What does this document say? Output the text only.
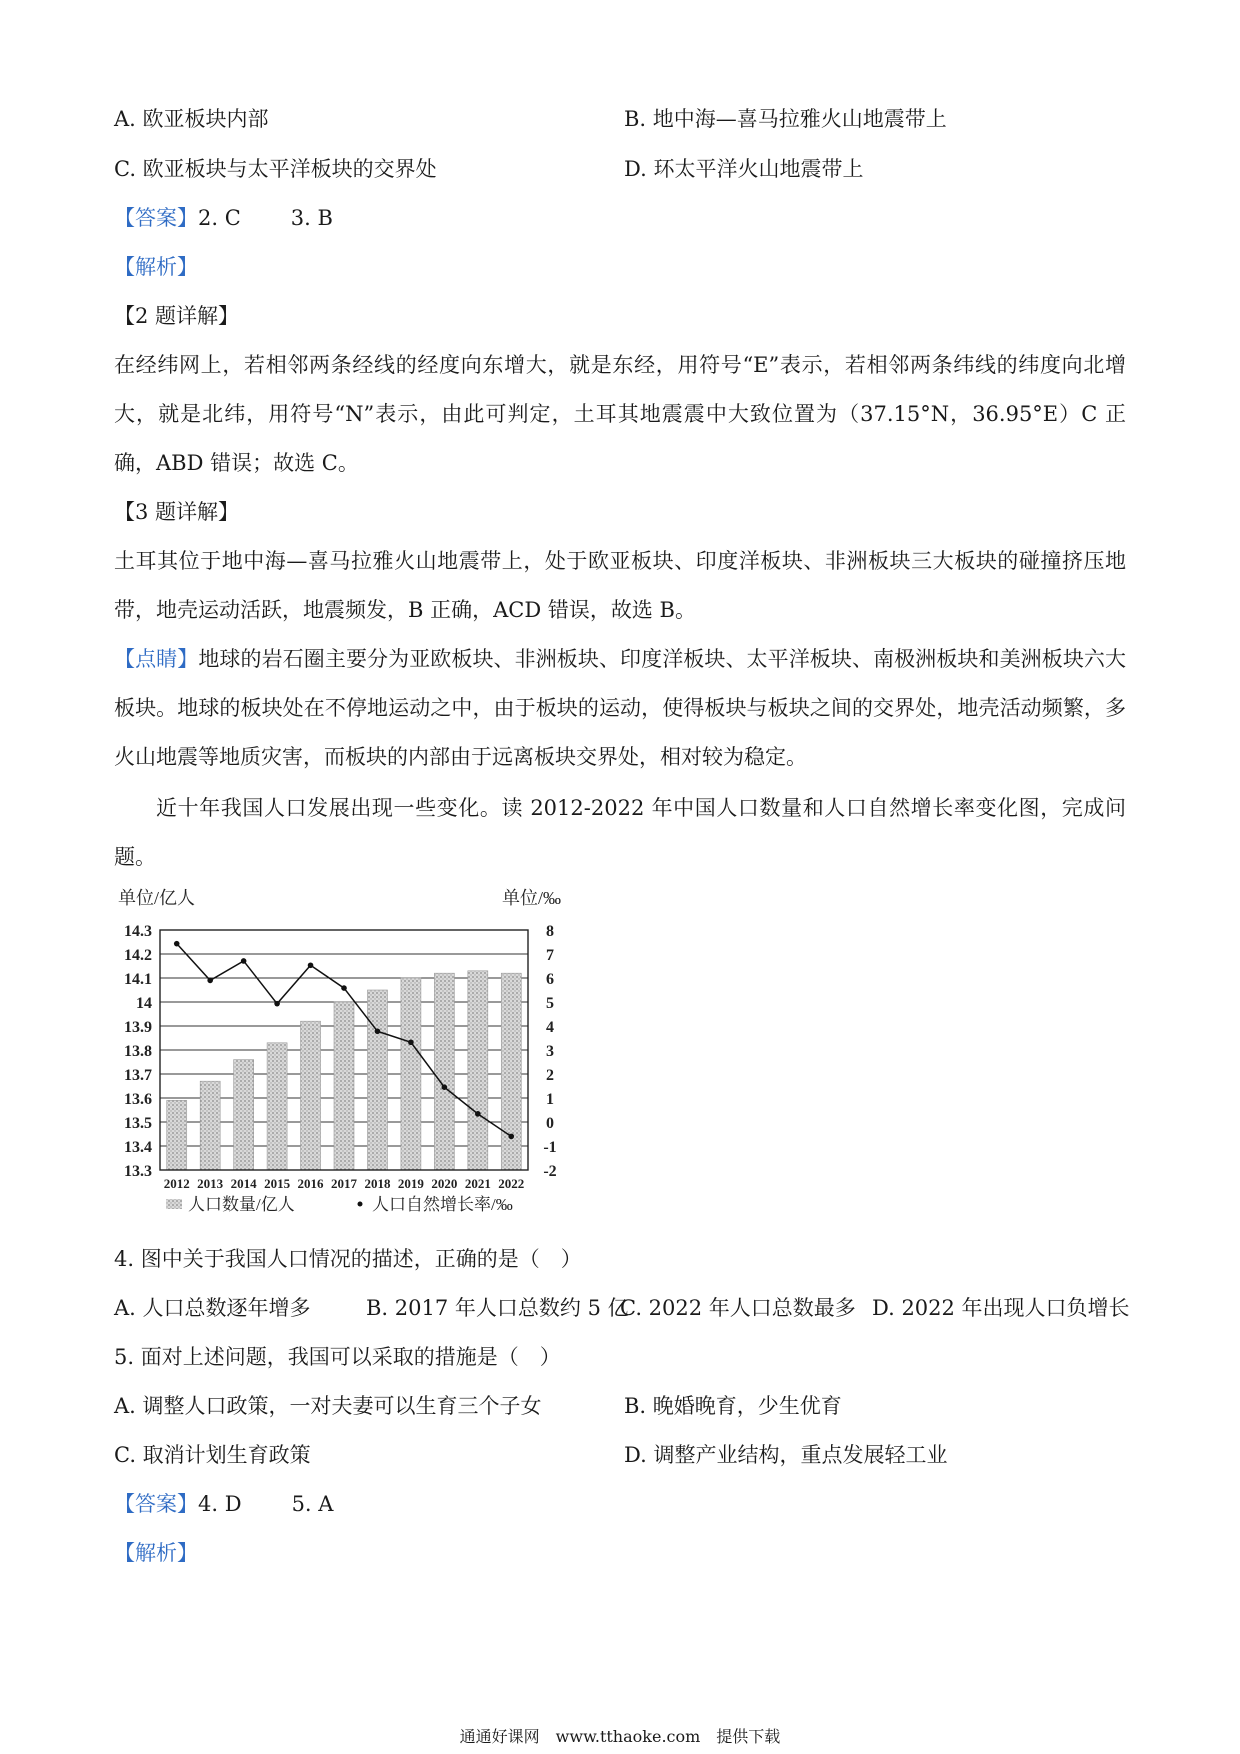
A. 欧亚板块内部	B. 地中海—喜马拉雅火山地震带上
C. 欧亚板块与太平洋板块的交界处	D. 环太平洋火山地震带上
【答案】2. C 3. B
【解析】
【2 题详解】
在经纬网上，若相邻两条经线的经度向东增大，就是东经，用符号“E”表示，若相邻两条纬线的纬度向北增大，就是北纬，用符号“N”表示，由此可判定，土耳其地震震中大致位置为（37.15°N，36.95°E）C 正确，ABD 错误；故选 C。
【3 题详解】
土耳其位于地中海—喜马拉雅火山地震带上，处于欧亚板块、印度洋板块、非洲板块三大板块的碰撞挤压地带，地壳运动活跃，地震频发，B 正确，ACD 错误，故选 B。
【点睛】地球的岩石圈主要分为亚欧板块、非洲板块、印度洋板块、太平洋板块、南极洲板块和美洲板块六大板块。地球的板块处在不停地运动之中，由于板块的运动，使得板块与板块之间的交界处，地壳活动频繁，多火山地震等地质灾害，而板块的内部由于远离板块交界处，相对较为稳定。
近十年我国人口发展出现一些变化。读 2012-2022 年中国人口数量和人口自然增长率变化图，完成问题。
单位/亿人	单位/‰
13.3
13.4
13.5
13.6
13.7
13.8
13.9
14
14.1
14.2
14.3
-2
-1
0
1
2
3
4
5
6
7
8
2012 2013 2014 2015 2016 2017 2018 2019 2020 2021 2022
人口数量/亿人	人口自然增长率/‰
4. 图中关于我国人口情况的描述，正确的是（　）
A. 人口总数逐年增多	B. 2017 年人口总数约 5 亿
C. 2022 年人口总数最多 D. 2022 年出现人口负增长
5. 面对上述问题，我国可以采取的措施是（　）
A. 调整人口政策，一对夫妻可以生育三个子女	B. 晚婚晚育，少生优育
C. 取消计划生育政策	D. 调整产业结构，重点发展轻工业
【答案】4. D 5. A
【解析】
通通好课网　www.tthaoke.com　提供下载
